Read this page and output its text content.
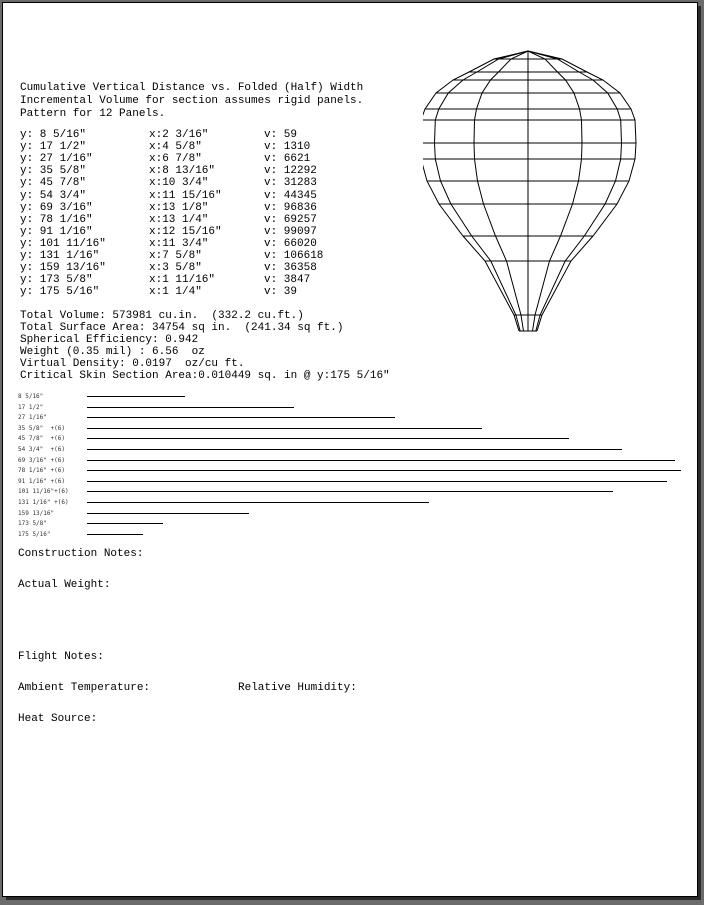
Cumulative Vertical Distance vs. Folded (Half) Width
Incremental Volume for section assumes rigid panels.
Pattern for 12 Panels.
y: 8 5/16"	x:2 3/16"	v: 59
y: 17 1/2"	x:4 5/8"	v: 1310
y: 27 1/16"	x:6 7/8"	v: 6621
y: 35 5/8"	x:8 13/16"	v: 12292
y: 45 7/8"	x:10 3/4"	v: 31283
y: 54 3/4"	x:11 15/16"	v: 44345
y: 69 3/16"	x:13 1/8"	v: 96836
y: 78 1/16"	x:13 1/4"	v: 69257
y: 91 1/16"	x:12 15/16"	v: 99097
y: 101 11/16"	x:11 3/4"	v: 66020
y: 131 1/16"	x:7 5/8"	v: 106618
y: 159 13/16"	x:3 5/8"	v: 36358
y: 173 5/8"	x:1 11/16"	v: 3847
y: 175 5/16"	x:1 1/4"	v: 39
Total Volume: 573981 cu.in.  (332.2 cu.ft.)
Total Surface Area: 34754 sq in.  (241.34 sq ft.)
Spherical Efficiency: 0.942
Weight (0.35 mil) : 6.56  oz
Virtual Density: 0.0197  oz/cu ft.
Critical Skin Section Area:0.010449 sq. in @ y:175 5/16"
8 5/16"
17 1/2"
27 1/16"
35 5/8"  +(6)
45 7/8"  +(6)
54 3/4"  +(6)
69 3/16" +(6)
78 1/16" +(6)
91 1/16" +(6)
101 11/16"+(6)
131 1/16" +(6)
159 13/16"
173 5/8"
175 5/16"
Construction Notes:
Actual Weight:
Flight Notes:
Ambient Temperature:	Relative Humidity:
Heat Source:
